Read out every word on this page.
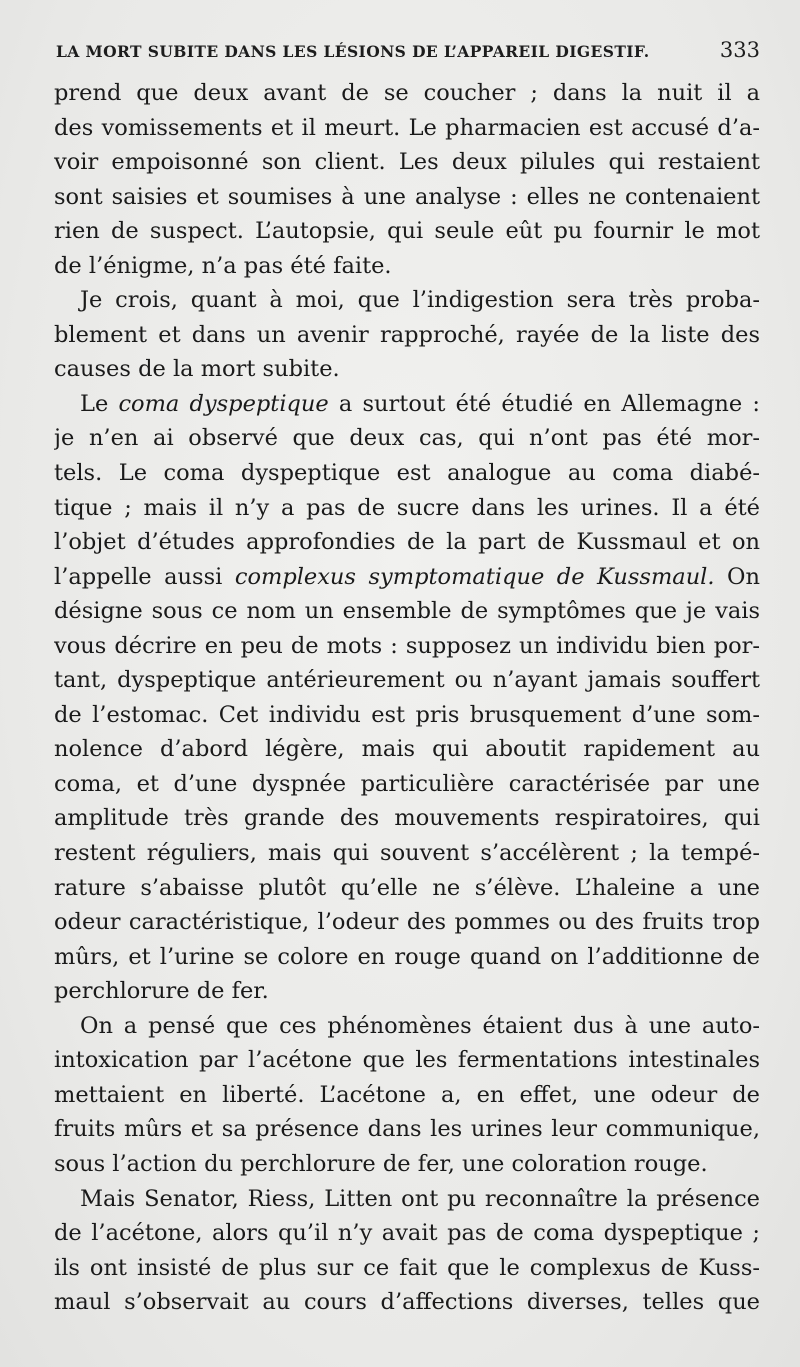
LA MORT SUBITE DANS LES LÉSIONS DE L’APPAREIL DIGESTIF.	333
prend que deux avant de se coucher ; dans la nuit il a
des vomissements et il meurt. Le pharmacien est accusé d’a-
voir empoisonné son client. Les deux pilules qui restaient
sont saisies et soumises à une analyse : elles ne contenaient
rien de suspect. L’autopsie, qui seule eût pu fournir le mot
de l’énigme, n’a pas été faite.
Je crois, quant à moi, que l’indigestion sera très proba-
blement et dans un avenir rapproché, rayée de la liste des
causes de la mort subite.
Le coma dyspeptique a surtout été étudié en Allemagne :
je n’en ai observé que deux cas, qui n’ont pas été mor-
tels. Le coma dyspeptique est analogue au coma diabé-
tique ; mais il n’y a pas de sucre dans les urines. Il a été
l’objet d’études approfondies de la part de Kussmaul et on
l’appelle aussi complexus symptomatique de Kussmaul. On
désigne sous ce nom un ensemble de symptômes que je vais
vous décrire en peu de mots : supposez un individu bien por-
tant, dyspeptique antérieurement ou n’ayant jamais souffert
de l’estomac. Cet individu est pris brusquement d’une som-
nolence d’abord légère, mais qui aboutit rapidement au
coma, et d’une dyspnée particulière caractérisée par une
amplitude très grande des mouvements respiratoires, qui
restent réguliers, mais qui souvent s’accélèrent ; la tempé-
rature s’abaisse plutôt qu’elle ne s’élève. L’haleine a une
odeur caractéristique, l’odeur des pommes ou des fruits trop
mûrs, et l’urine se colore en rouge quand on l’additionne de
perchlorure de fer.
On a pensé que ces phénomènes étaient dus à une auto-
intoxication par l’acétone que les fermentations intestinales
mettaient en liberté. L’acétone a, en effet, une odeur de
fruits mûrs et sa présence dans les urines leur communique,
sous l’action du perchlorure de fer, une coloration rouge.
Mais Senator, Riess, Litten ont pu reconnaître la présence
de l’acétone, alors qu’il n’y avait pas de coma dyspeptique ;
ils ont insisté de plus sur ce fait que le complexus de Kuss-
maul s’observait au cours d’affections diverses, telles que
